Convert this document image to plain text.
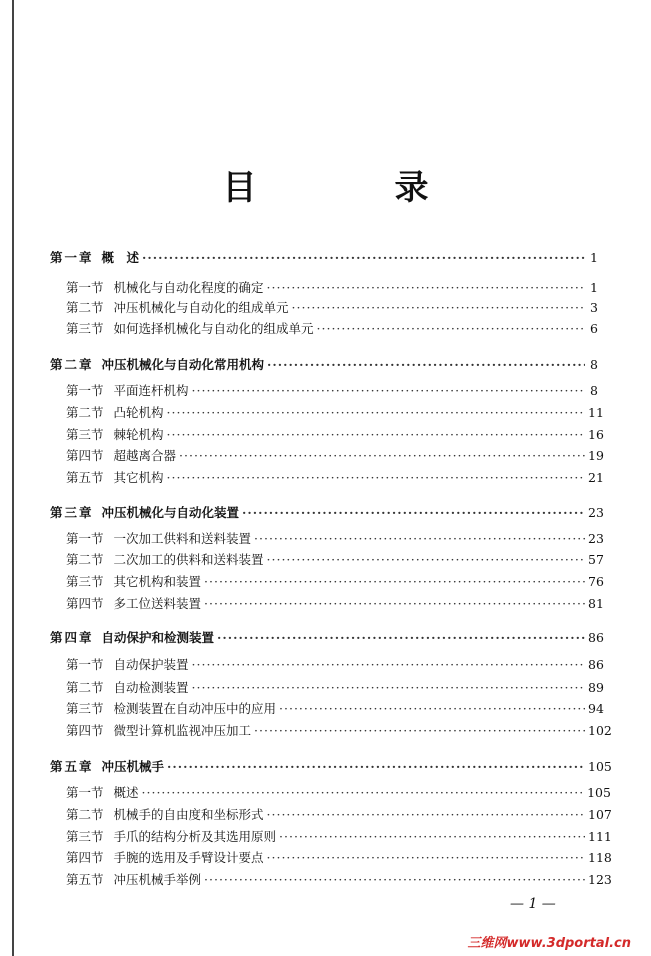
目　录
第一章 概　述 ·····	1
第一节 机械化与自动化程度的确定 ·····	1
第二节 冲压机械化与自动化的组成单元 ·····	3
第三节 如何选择机械化与自动化的组成单元 ·····	6
第二章 冲压机械化与自动化常用机构 ·····	8
第一节 平面连杆机构 ·····	8
第二节 凸轮机构 ·····	11
第三节 棘轮机构 ·····	16
第四节 超越离合器 ·····	19
第五节 其它机构 ·····	21
第三章 冲压机械化与自动化装置 ·····	23
第一节 一次加工供料和送料装置 ·····	23
第二节 二次加工的供料和送料装置 ·····	57
第三节 其它机构和装置 ·····	76
第四节 多工位送料装置 ·····	81
第四章 自动保护和检测装置 ·····	86
第一节 自动保护装置 ·····	86
第二节 自动检测装置 ·····	89
第三节 检测装置在自动冲压中的应用 ·····	94
第四节 微型计算机监视冲压加工 ·····	102
第五章 冲压机械手 ·····	105
第一节 概述 ·····	105
第二节 机械手的自由度和坐标形式 ·····	107
第三节 手爪的结构分析及其选用原则 ·····	111
第四节 手腕的选用及手臂设计要点 ·····	118
第五节 冲压机械手举例 ·····	123
— 1 —
三维网www.3dportal.cn
